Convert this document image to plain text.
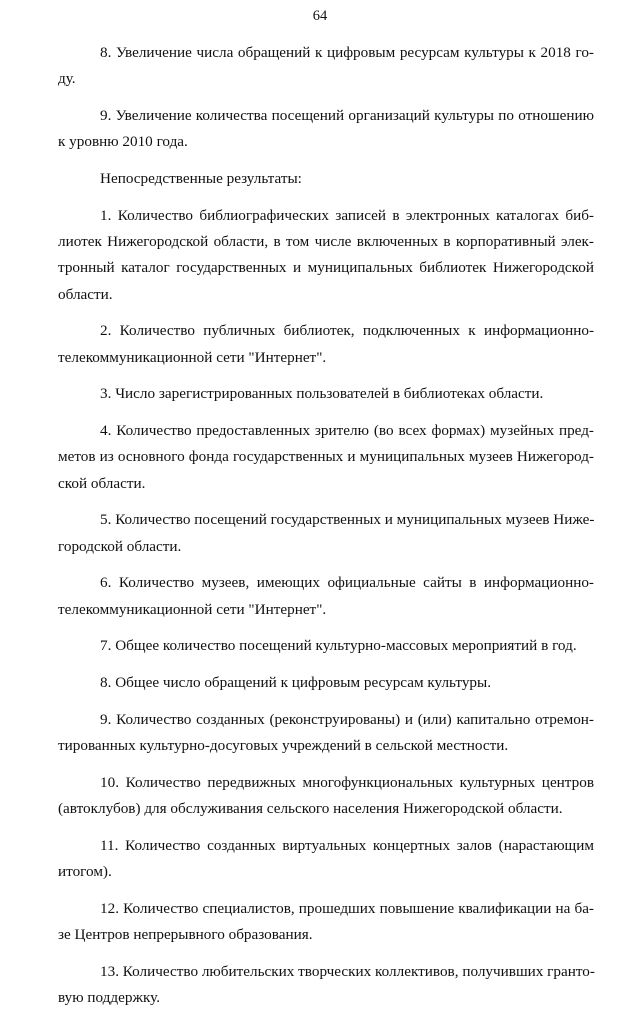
64

8. Увеличение числа обращений к цифровым ресурсам культуры к 2018 го-
ду.

9. Увеличение количества посещений организаций культуры по отношению
к уровню 2010 года.

Непосредственные результаты:

1. Количество библиографических записей в электронных каталогах биб-
лиотек Нижегородской области, в том числе включенных в корпоративный элек-
тронный каталог государственных и муниципальных библиотек Нижегородской
области.

2. Количество публичных библиотек, подключенных к информационно-
телекоммуникационной сети "Интернет".

3. Число зарегистрированных пользователей в библиотеках области.

4. Количество предоставленных зрителю (во всех формах) музейных пред-
метов из основного фонда государственных и муниципальных музеев Нижегород-
ской области.

5. Количество посещений государственных и муниципальных музеев Ниже-
городской области.

6. Количество музеев, имеющих официальные сайты в информационно-
телекоммуникационной сети "Интернет".

7. Общее количество посещений культурно-массовых мероприятий в год.

8. Общее число обращений к цифровым ресурсам культуры.

9. Количество созданных (реконструированы) и (или) капитально отремон-
тированных культурно-досуговых учреждений в сельской местности.

10. Количество передвижных многофункциональных культурных центров
(автоклубов) для обслуживания сельского населения Нижегородской области.

11. Количество созданных виртуальных концертных залов (нарастающим
итогом).

12. Количество специалистов, прошедших повышение квалификации на ба-
зе Центров непрерывного образования.

13. Количество любительских творческих коллективов, получивших гранто-
вую поддержку.
